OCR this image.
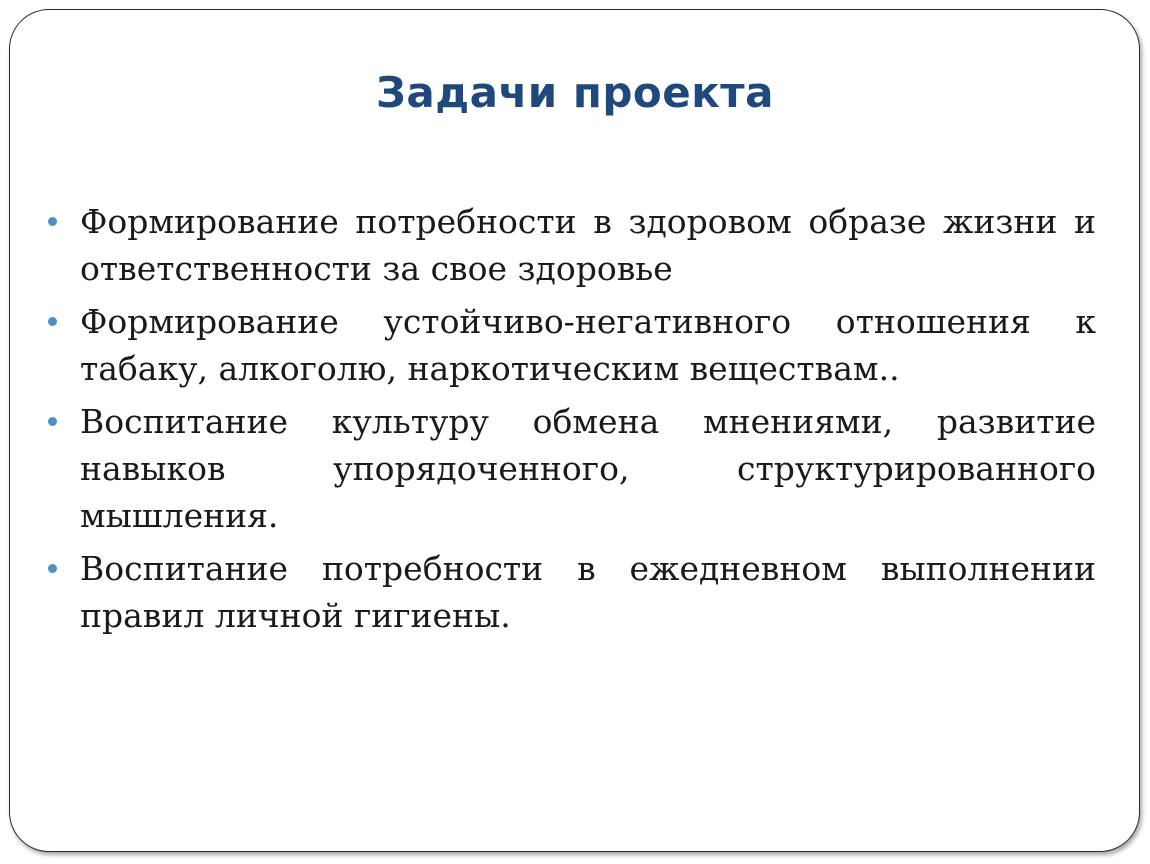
Задачи проекта
Формирование потребности в здоровом образе жизни и ответственности за свое здоровье
Формирование устойчиво-негативного отношения к табаку, алкоголю, наркотическим веществам..
Воспитание культуру обмена мнениями, развитие навыков упорядоченного, структурированного мышления.
Воспитание потребности в ежедневном выполнении правил личной гигиены.
